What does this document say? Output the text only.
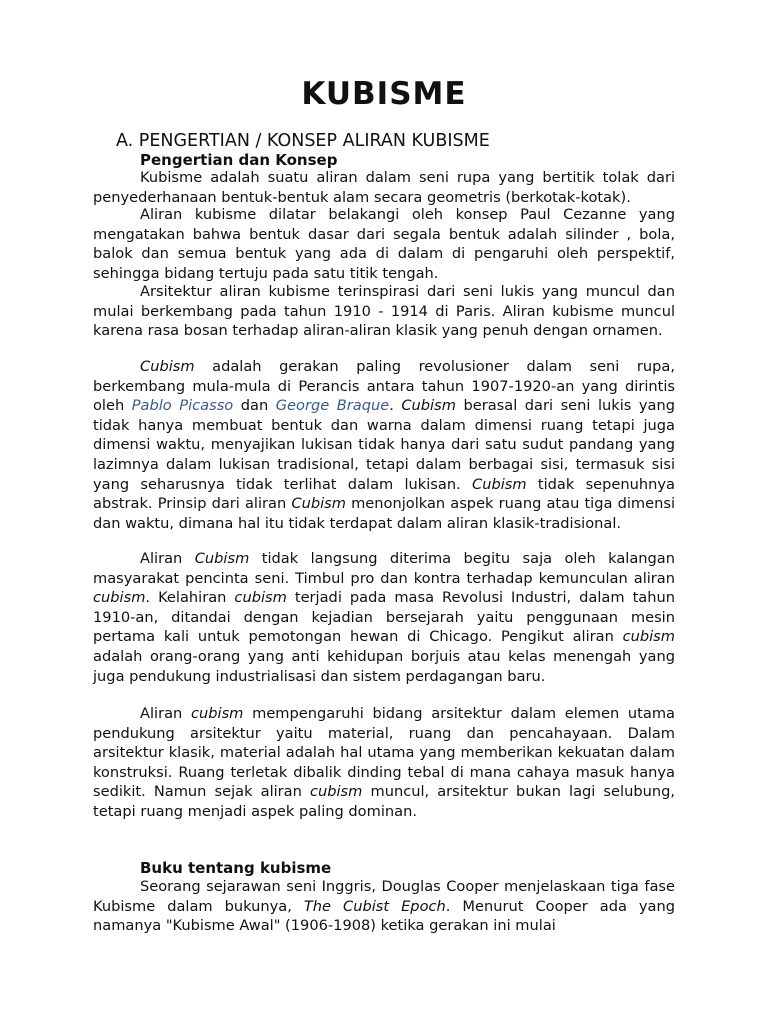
KUBISME
A. PENGERTIAN / KONSEP ALIRAN KUBISME
Pengertian dan Konsep

Kubisme adalah suatu aliran dalam seni rupa yang bertitik tolak dari penyederhanaan bentuk-bentuk alam secara geometris (berkotak-kotak).

Aliran kubisme dilatar belakangi oleh konsep Paul Cezanne yang mengatakan bahwa bentuk dasar dari segala bentuk adalah silinder , bola, balok dan semua bentuk yang ada di dalam di pengaruhi oleh perspektif, sehingga bidang tertuju pada satu titik tengah.

Arsitektur aliran kubisme terinspirasi dari seni lukis yang muncul dan mulai berkembang pada tahun 1910 - 1914 di Paris. Aliran kubisme muncul karena rasa bosan terhadap aliran-aliran klasik yang penuh dengan ornamen.

Cubism adalah gerakan paling revolusioner dalam seni rupa, berkembang mula-mula di Perancis antara tahun 1907-1920-an yang dirintis oleh Pablo Picasso dan George Braque. Cubism berasal dari seni lukis yang tidak hanya membuat bentuk dan warna dalam dimensi ruang tetapi juga dimensi waktu, menyajikan lukisan tidak hanya dari satu sudut pandang yang lazimnya dalam lukisan tradisional, tetapi dalam berbagai sisi, termasuk sisi yang seharusnya tidak terlihat dalam lukisan. Cubism tidak sepenuhnya abstrak. Prinsip dari aliran Cubism menonjolkan aspek ruang atau tiga dimensi dan waktu, dimana hal itu tidak terdapat dalam aliran klasik-tradisional.

Aliran Cubism tidak langsung diterima begitu saja oleh kalangan masyarakat pencinta seni. Timbul pro dan kontra terhadap kemunculan aliran cubism. Kelahiran cubism terjadi pada masa Revolusi Industri, dalam tahun 1910-an, ditandai dengan kejadian bersejarah yaitu penggunaan mesin pertama kali untuk pemotongan hewan di Chicago. Pengikut aliran cubism adalah orang-orang yang anti kehidupan borjuis atau kelas menengah yang juga pendukung industrialisasi dan sistem perdagangan baru.

Aliran cubism mempengaruhi bidang arsitektur dalam elemen utama pendukung arsitektur yaitu material, ruang dan pencahayaan. Dalam arsitektur klasik, material adalah hal utama yang memberikan kekuatan dalam konstruksi. Ruang terletak dibalik dinding tebal di mana cahaya masuk hanya sedikit. Namun sejak aliran cubism muncul, arsitektur bukan lagi selubung, tetapi ruang menjadi aspek paling dominan.

Buku tentang kubisme

Seorang sejarawan seni Inggris, Douglas Cooper menjelaskaan tiga fase Kubisme dalam bukunya, The Cubist Epoch. Menurut Cooper ada yang namanya "Kubisme Awal" (1906-1908) ketika gerakan ini mulai
